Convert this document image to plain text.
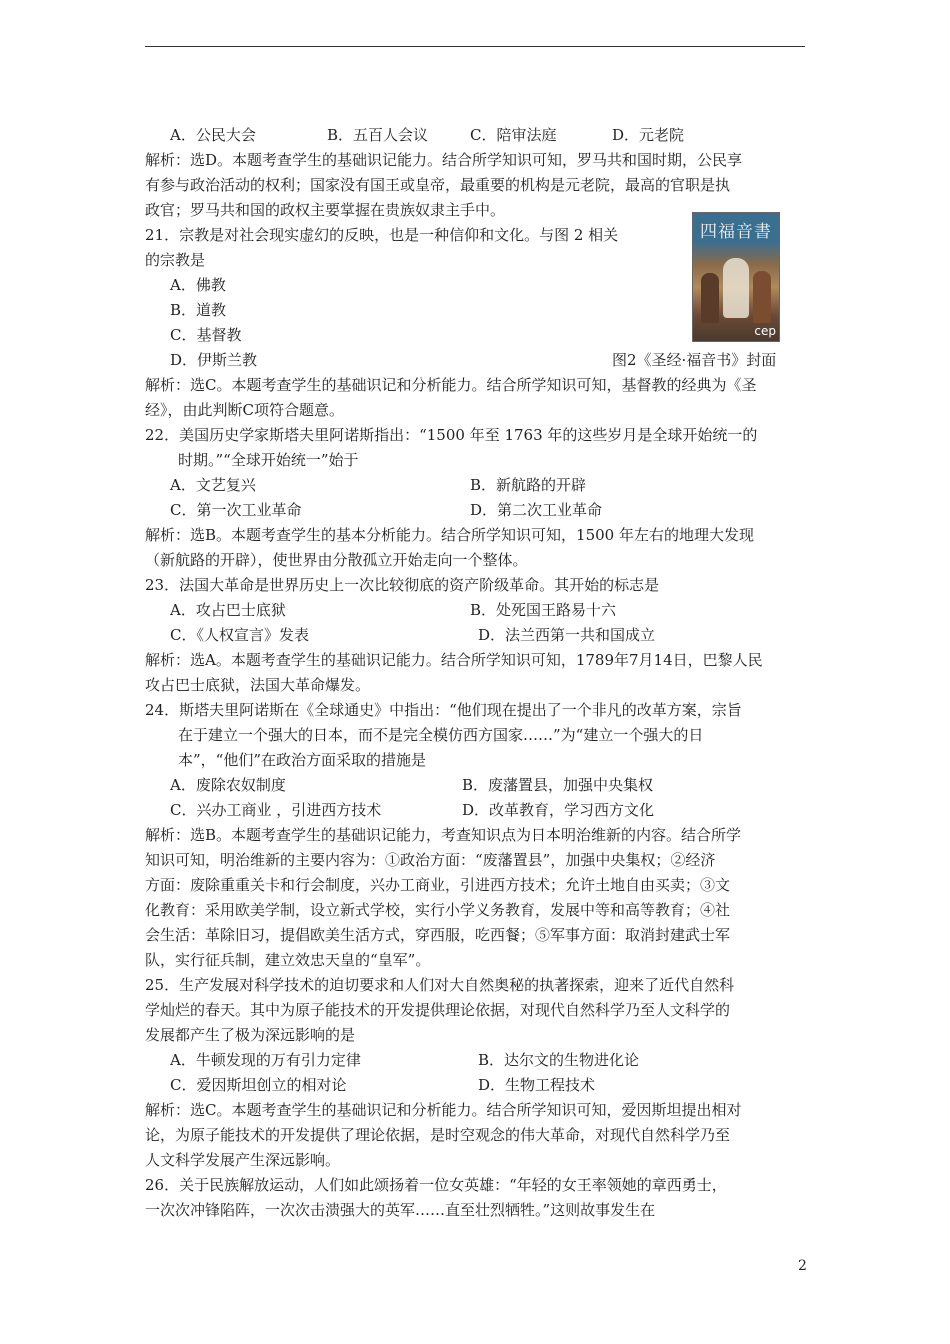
A．公民大会	B．五百人会议	C．陪审法庭	D．元老院
解析：选D。本题考查学生的基础识记能力。结合所学知识可知，罗马共和国时期，公民享
有参与政治活动的权利；国家没有国王或皇帝，最重要的机构是元老院，最高的官职是执
政官；罗马共和国的政权主要掌握在贵族奴隶主手中。
21．宗教是对社会现实虚幻的反映，也是一种信仰和文化。与图 2 相关
的宗教是
A．佛教
B．道教
C．基督教
D．伊斯兰教
四福音書
cep
图2《圣经·福音书》封面
解析：选C。本题考查学生的基础识记和分析能力。结合所学知识可知，基督教的经典为《圣
经》，由此判断C项符合题意。
22．美国历史学家斯塔夫里阿诺斯指出：“1500 年至 1763 年的这些岁月是全球开始统一的
时期。”“全球开始统一”始于
A．文艺复兴	B．新航路的开辟
C．第一次工业革命	D．第二次工业革命
解析：选B。本题考查学生的基本分析能力。结合所学知识可知，1500 年左右的地理大发现
（新航路的开辟），使世界由分散孤立开始走向一个整体。
23．法国大革命是世界历史上一次比较彻底的资产阶级革命。其开始的标志是
A．攻占巴士底狱	B．处死国王路易十六
C．《人权宣言》发表	D．法兰西第一共和国成立
解析：选A。本题考查学生的基础识记能力。结合所学知识可知，1789年7月14日，巴黎人民
攻占巴士底狱，法国大革命爆发。
24．斯塔夫里阿诺斯在《全球通史》中指出：“他们现在提出了一个非凡的改革方案，宗旨
在于建立一个强大的日本，而不是完全模仿西方国家……”为“建立一个强大的日
本”，“他们”在政治方面采取的措施是
A．废除农奴制度	B．废藩置县，加强中央集权
C．兴办工商业 ，引进西方技术	D．改革教育，学习西方文化
解析：选B。本题考查学生的基础识记能力，考查知识点为日本明治维新的内容。结合所学
知识可知，明治维新的主要内容为：①政治方面：“废藩置县”，加强中央集权；②经济
方面：废除重重关卡和行会制度，兴办工商业，引进西方技术；允许土地自由买卖；③文
化教育：采用欧美学制，设立新式学校，实行小学义务教育，发展中等和高等教育；④社
会生活：革除旧习，提倡欧美生活方式，穿西服，吃西餐；⑤军事方面：取消封建武士军
队，实行征兵制，建立效忠天皇的“皇军”。
25．生产发展对科学技术的迫切要求和人们对大自然奥秘的执著探索，迎来了近代自然科
学灿烂的春天。其中为原子能技术的开发提供理论依据，对现代自然科学乃至人文科学的
发展都产生了极为深远影响的是
A．牛顿发现的万有引力定律	B．达尔文的生物进化论
C．爱因斯坦创立的相对论	D．生物工程技术
解析：选C。本题考查学生的基础识记和分析能力。结合所学知识可知，爱因斯坦提出相对
论，为原子能技术的开发提供了理论依据，是时空观念的伟大革命，对现代自然科学乃至
人文科学发展产生深远影响。
26．关于民族解放运动，人们如此颂扬着一位女英雄：“年轻的女王率领她的章西勇士，
一次次冲锋陷阵，一次次击溃强大的英军……直至壮烈牺牲。”这则故事发生在
2
